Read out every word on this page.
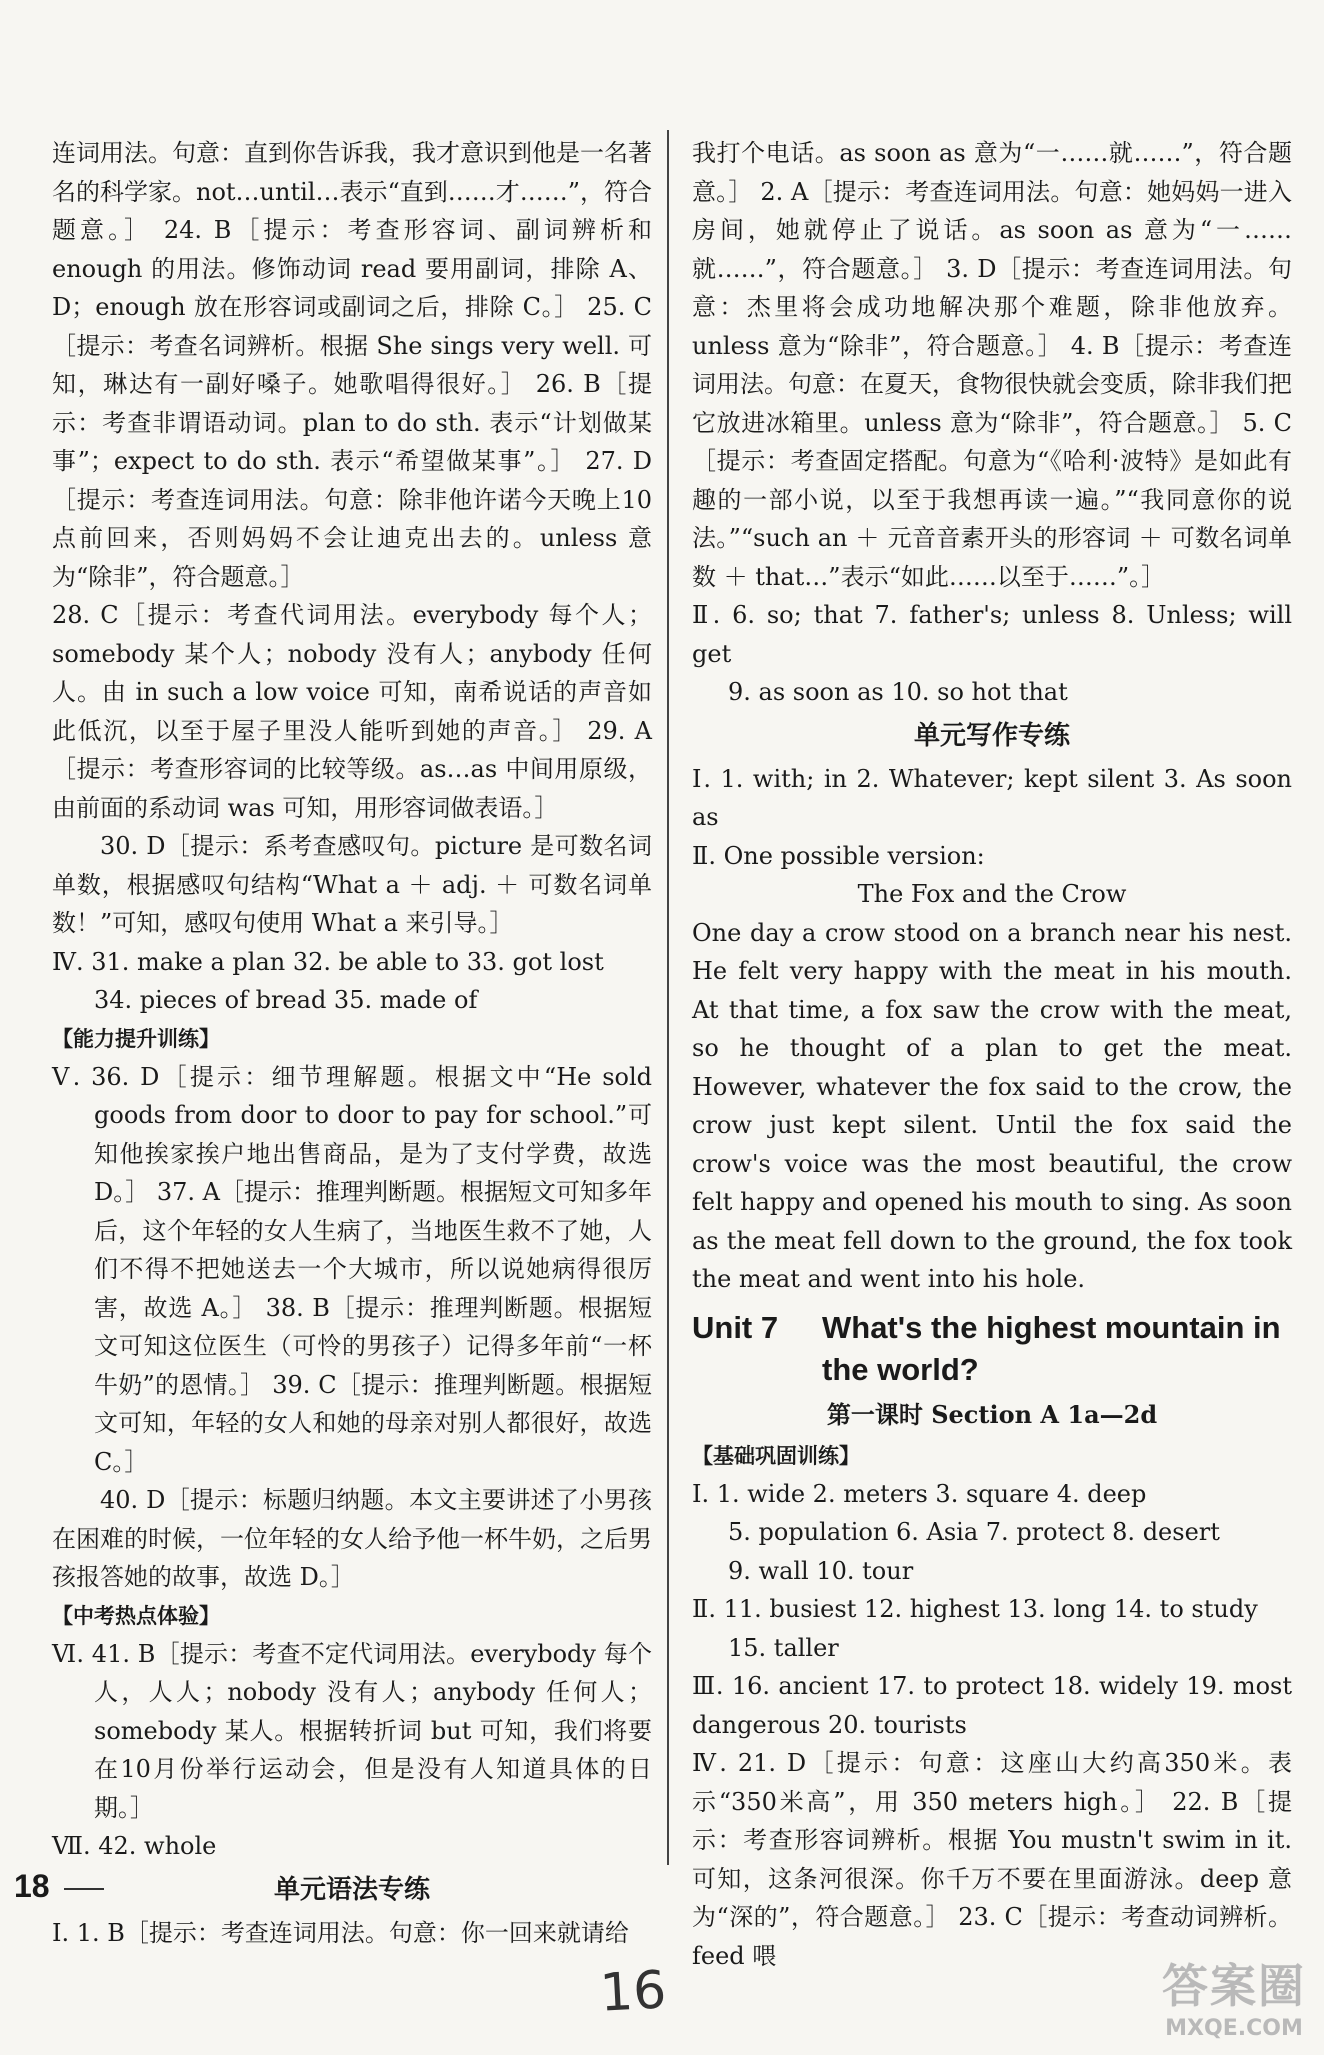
连词用法。句意：直到你告诉我，我才意识到他是一名著名的科学家。not…until…表示“直到……才……”，符合题意。］ 24. B［提示：考查形容词、副词辨析和 enough 的用法。修饰动词 read 要用副词，排除 A、D；enough 放在形容词或副词之后，排除 C。］ 25. C［提示：考查名词辨析。根据 She sings very well. 可知，琳达有一副好嗓子。她歌唱得很好。］ 26. B［提示：考查非谓语动词。plan to do sth. 表示“计划做某事”；expect to do sth. 表示“希望做某事”。］ 27. D［提示：考查连词用法。句意：除非他许诺今天晚上10点前回来，否则妈妈不会让迪克出去的。unless 意为“除非”，符合题意。］

28. C［提示：考查代词用法。everybody 每个人；somebody 某个人；nobody 没有人；anybody 任何人。由 in such a low voice 可知，南希说话的声音如此低沉，以至于屋子里没人能听到她的声音。］ 29. A［提示：考查形容词的比较等级。as…as 中间用原级，由前面的系动词 was 可知，用形容词做表语。］

30. D［提示：系考查感叹句。picture 是可数名词单数，根据感叹句结构“What a ＋ adj. ＋ 可数名词单数！”可知，感叹句使用 What a 来引导。］

Ⅳ. 31. make a plan 32. be able to 33. got lost

34. pieces of bread 35. made of

【能力提升训练】

Ⅴ. 36. D［提示：细节理解题。根据文中“He sold goods from door to door to pay for school.”可知他挨家挨户地出售商品，是为了支付学费，故选 D。］ 37. A［提示：推理判断题。根据短文可知多年后，这个年轻的女人生病了，当地医生救不了她，人们不得不把她送去一个大城市，所以说她病得很厉害，故选 A。］ 38. B［提示：推理判断题。根据短文可知这位医生（可怜的男孩子）记得多年前“一杯牛奶”的恩情。］ 39. C［提示：推理判断题。根据短文可知，年轻的女人和她的母亲对别人都很好，故选 C。］

40. D［提示：标题归纳题。本文主要讲述了小男孩在困难的时候，一位年轻的女人给予他一杯牛奶，之后男孩报答她的故事，故选 D。］

【中考热点体验】

Ⅵ. 41. B［提示：考查不定代词用法。everybody 每个人，人人；nobody 没有人；anybody 任何人；somebody 某人。根据转折词 but 可知，我们将要在10月份举行运动会，但是没有人知道具体的日期。］

Ⅶ. 42. whole

单元语法专练

Ⅰ. 1. B［提示：考查连词用法。句意：你一回来就请给

我打个电话。as soon as 意为“一……就……”，符合题意。］ 2. A［提示：考查连词用法。句意：她妈妈一进入房间，她就停止了说话。as soon as 意为“一……就……”，符合题意。］ 3. D［提示：考查连词用法。句意：杰里将会成功地解决那个难题，除非他放弃。unless 意为“除非”，符合题意。］ 4. B［提示：考查连词用法。句意：在夏天，食物很快就会变质，除非我们把它放进冰箱里。unless 意为“除非”，符合题意。］ 5. C［提示：考查固定搭配。句意为“《哈利·波特》是如此有趣的一部小说，以至于我想再读一遍。”“我同意你的说法。”“such an ＋ 元音音素开头的形容词 ＋ 可数名词单数 ＋ that…”表示“如此……以至于……”。］

Ⅱ. 6. so; that 7. father's; unless 8. Unless; will get

9. as soon as 10. so hot that

单元写作专练

Ⅰ. 1. with; in 2. Whatever; kept silent 3. As soon as

Ⅱ. One possible version:

The Fox and the Crow

One day a crow stood on a branch near his nest. He felt very happy with the meat in his mouth. At that time, a fox saw the crow with the meat, so he thought of a plan to get the meat. However, whatever the fox said to the crow, the crow just kept silent. Until the fox said the crow's voice was the most beautiful, the crow felt happy and opened his mouth to sing. As soon as the meat fell down to the ground, the fox took the meat and went into his hole.

Unit 7	What's the highest mountain in the world?
第一课时 Section A 1a—2d
【基础巩固训练】

Ⅰ. 1. wide 2. meters 3. square 4. deep

5. population 6. Asia 7. protect 8. desert

9. wall 10. tour

Ⅱ. 11. busiest 12. highest 13. long 14. to study

15. taller

Ⅲ. 16. ancient 17. to protect 18. widely 19. most dangerous 20. tourists

Ⅳ. 21. D［提示：句意：这座山大约高350米。表示“350米高”，用 350 meters high。］ 22. B［提示：考查形容词辨析。根据 You mustn't swim in it. 可知，这条河很深。你千万不要在里面游泳。deep 意为“深的”，符合题意。］ 23. C［提示：考查动词辨析。feed 喂

18
16	答案圈
MXQE.COM
